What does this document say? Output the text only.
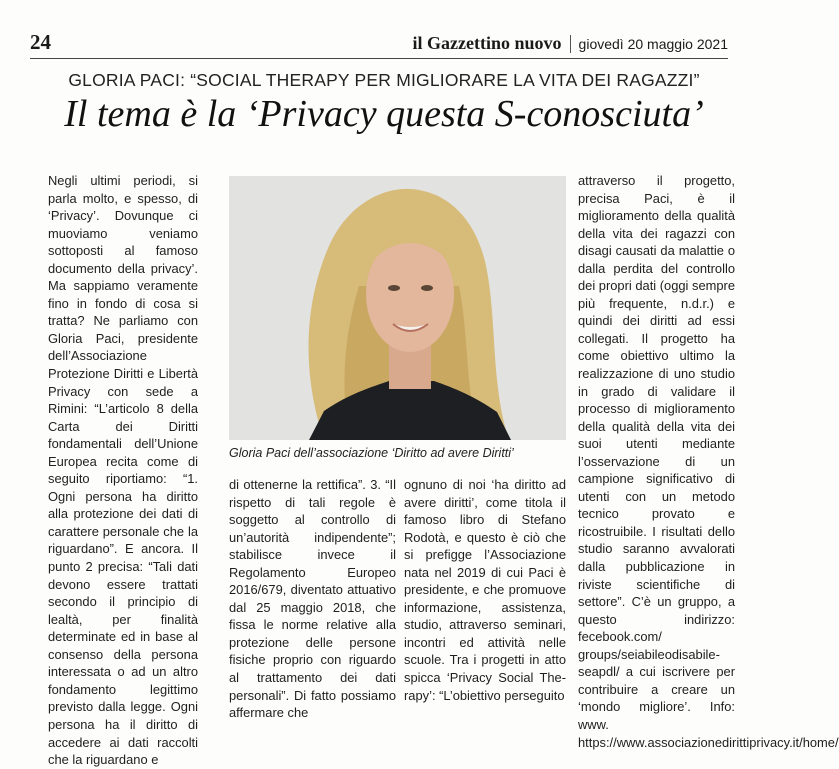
24	il Gazzettino nuovo giovedì 20 maggio 2021
GLORIA PACI: “SOCIAL THERAPY PER MIGLIORARE LA VITA DEI RAGAZZI”
Il tema è la ‘Privacy questa S-conosciuta’

Negli ultimi periodi, si parla molto, e spesso, di ‘Privacy’. Dovunque ci muoviamo veniamo sottoposti al famoso documento della privacy’. Ma sappiamo veramente fino in fondo di cosa si tratta? Ne parliamo con Gloria Paci, presidente dell’Associazione Protezione Diritti e Libertà Privacy con sede a Rimini: “L’articolo 8 della Carta dei Diritti fondamentali dell’Unione Europea recita come di seguito riportiamo: “1. Ogni persona ha diritto alla protezione dei dati di carattere personale che la riguardano”. E ancora. Il punto 2 precisa: “Tali dati devono essere trattati secondo il principio di lealtà, per finalità determinate ed in base al consenso della persona interessata o ad un altro fondamento legittimo previsto dalla legge. Ogni persona ha il diritto di accedere ai dati raccolti che la riguardano e

Gloria Paci dell’associazione ‘Diritto ad avere Diritti’

di ottenerne la rettifica”. 3. “Il rispetto di tali regole è soggetto al controllo di un’autorità indipendente”; stabilisce invece il Regolamento Europeo 2016/679, diventato attuativo dal 25 maggio 2018, che fissa le norme relative alla protezione delle persone fisiche proprio con riguardo al trattamento dei dati personali”. Di fatto possiamo affermare che

ognuno di noi ‘ha diritto ad avere diritti’, come titola il famoso libro di Stefano Rodotà, e questo è ciò che si prefigge l’Associazione nata nel 2019 di cui Paci è presidente, e che promuove informazione, assistenza, studio, attraverso seminari, incontri ed attività nelle scuole. Tra i progetti in atto spicca ‘Privacy Social The-rapy’: “L’obiettivo perseguito

attraverso il progetto, precisa Paci, è il miglioramento della qualità della vita dei ragazzi con disagi causati da malattie o dalla perdita del controllo dei propri dati (oggi sempre più frequente, n.d.r.) e quindi dei diritti ad essi collegati. Il progetto ha come obiettivo ultimo la realizzazione di uno studio in grado di validare il processo di miglioramento della qualità della vita dei suoi utenti mediante l’osservazione di un campione significativo di utenti con un metodo tecnico provato e ricostruibile. I risultati dello studio saranno avvalorati dalla pubblicazione in riviste scientifiche di settore”. C’è un gruppo, a questo indirizzo: fecebook.com/ groups/seiabileodisabile-seapdl/ a cui iscrivere per contribuire a creare un ‘mondo migliore’. Info: www. https://www.associazionedirittiprivacy.it/home/
